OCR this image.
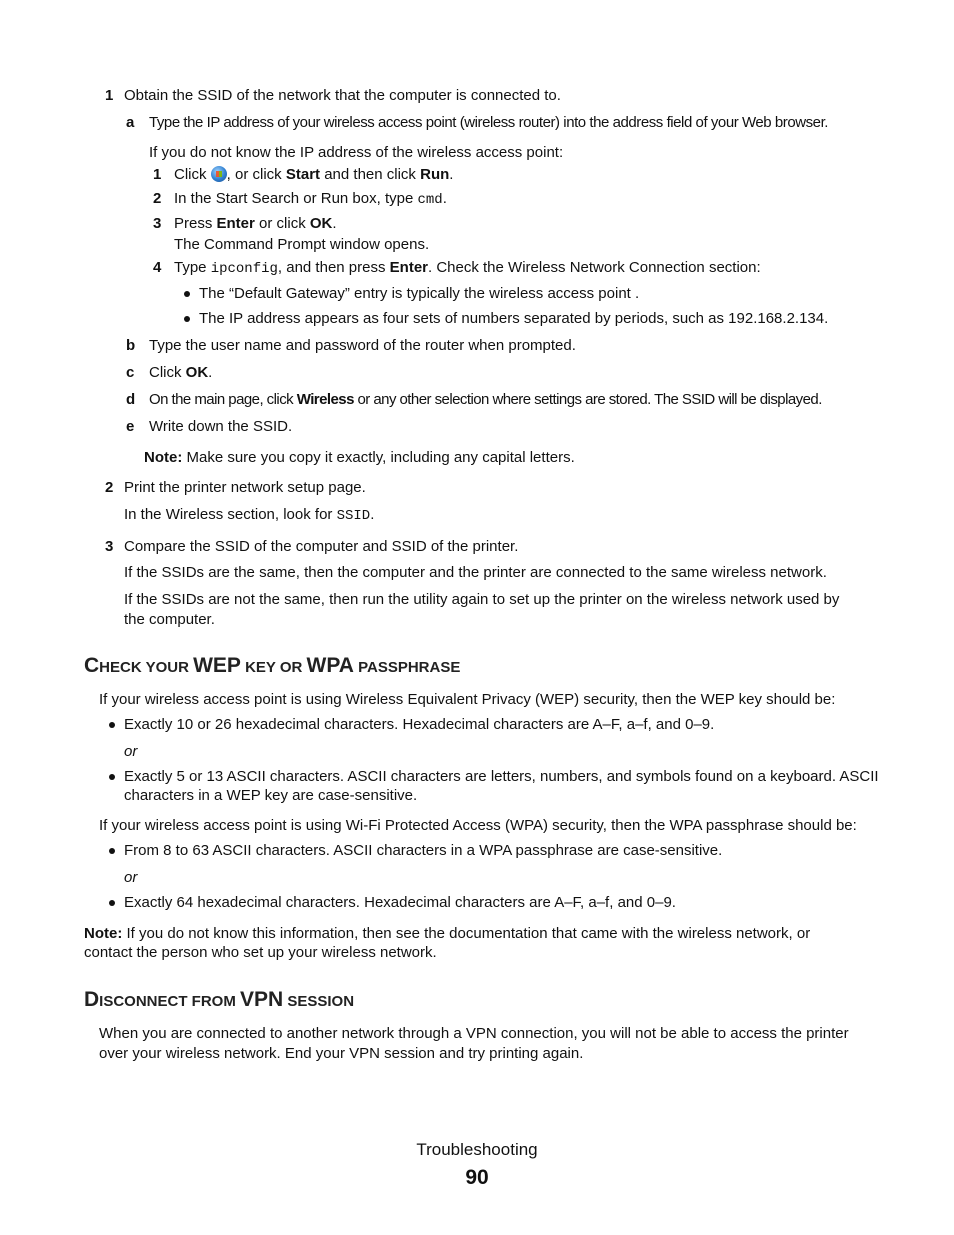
1 Obtain the SSID of the network that the computer is connected to.
a Type the IP address of your wireless access point (wireless router) into the address field of your Web browser.
If you do not know the IP address of the wireless access point:
1 Click , or click Start and then click Run.
2 In the Start Search or Run box, type cmd.
3 Press Enter or click OK.
The Command Prompt window opens.
4 Type ipconfig, and then press Enter. Check the Wireless Network Connection section:
The “Default Gateway” entry is typically the wireless access point .
The IP address appears as four sets of numbers separated by periods, such as 192.168.2.134.
b Type the user name and password of the router when prompted.
c Click OK.
d On the main page, click Wireless or any other selection where settings are stored. The SSID will be displayed.
e Write down the SSID.
Note: Make sure you copy it exactly, including any capital letters.
2 Print the printer network setup page.
In the Wireless section, look for SSID.
3 Compare the SSID of the computer and SSID of the printer.
If the SSIDs are the same, then the computer and the printer are connected to the same wireless network.
If the SSIDs are not the same, then run the utility again to set up the printer on the wireless network used by
the computer.
CHECK YOUR WEP KEY OR WPA PASSPHRASE
If your wireless access point is using Wireless Equivalent Privacy (WEP) security, then the WEP key should be:
Exactly 10 or 26 hexadecimal characters. Hexadecimal characters are A–F, a–f, and 0–9.
or
Exactly 5 or 13 ASCII characters. ASCII characters are letters, numbers, and symbols found on a keyboard. ASCII
characters in a WEP key are case-sensitive.
If your wireless access point is using Wi-Fi Protected Access (WPA) security, then the WPA passphrase should be:
From 8 to 63 ASCII characters. ASCII characters in a WPA passphrase are case-sensitive.
or
Exactly 64 hexadecimal characters. Hexadecimal characters are A–F, a–f, and 0–9.
Note: If you do not know this information, then see the documentation that came with the wireless network, or
contact the person who set up your wireless network.
DISCONNECT FROM VPN SESSION
When you are connected to another network through a VPN connection, you will not be able to access the printer
over your wireless network. End your VPN session and try printing again.
Troubleshooting
90
